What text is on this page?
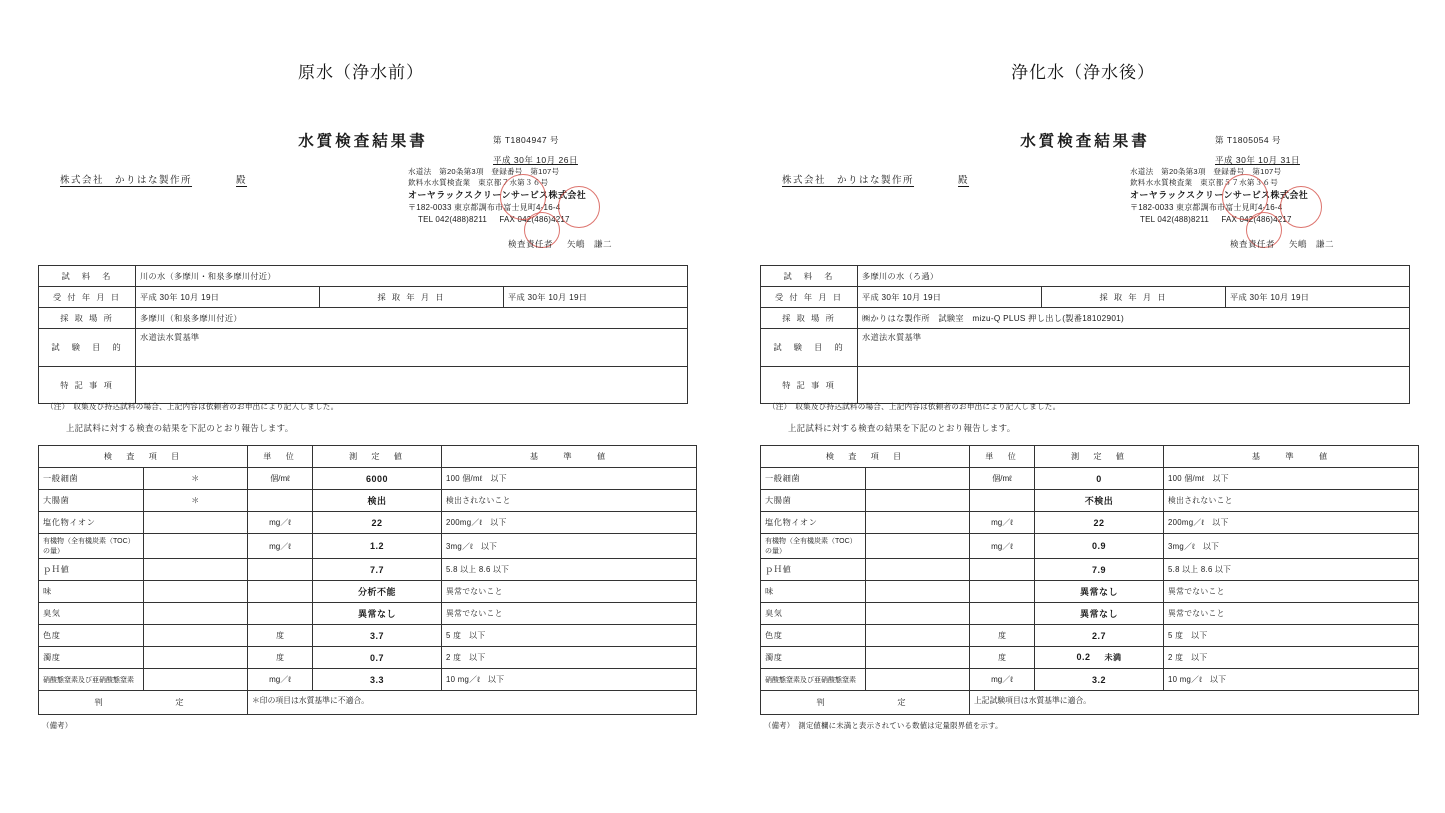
原水（浄水前）
水質検査結果書	第 T1804947 号
平成 30年 10月 26日
株式会社　かりはな製作所	殿
水道法　第20条第3項　登録番号　第107号
飲料水水質検査業　東京都７水第３６号
オーヤラックスクリーンサービス株式会社
〒182-0033 東京都調布市富士見町4-16-4
TEL 042(488)8211 FAX 042(486)4217
検査責任者 矢嶋　謙二
試　料　名	川の水（多摩川・和泉多摩川付近）		
受 付 年 月 日	平成 30年 10月 19日	採 取 年 月 日	平成 30年 10月 19日
採 取 場 所	多摩川（和泉多摩川付近）		
試　験　目　的	水道法水質基準		
特 記 事 項			
（注）　収集及び持込試料の場合、上記内容は依頼者のお申出により記入しました。
上記試料に対する検査の結果を下記のとおり報告します。
検　査　項　目		単　位	測　定　値	基　　準　　値
一般細菌	＊	個/mℓ	6000	100 個/mℓ　以下
大腸菌	＊		検出	検出されないこと
塩化物イオン		mg／ℓ	22	200mg／ℓ　以下
有機物（全有機炭素（TOC）の量）		mg／ℓ	1.2	3mg／ℓ　以下
ｐＨ値			7.7	5.8 以上 8.6 以下
味			分析不能	異常でないこと
臭気			異常なし	異常でないこと
色度		度	3.7	5 度　以下
濁度		度	0.7	2 度　以下
硝酸態窒素及び亜硝酸態窒素		mg／ℓ	3.3	10 mg／ℓ　以下
判　　　　定		＊印の項目は水質基準に不適合。		
（備考）
浄化水（浄水後）
水質検査結果書	第 T1805054 号
平成 30年 10月 31日
株式会社　かりはな製作所	殿
水道法　第20条第3項　登録番号　第107号
飲料水水質検査業　東京都５７水第３６号
オーヤラックスクリーンサービス株式会社
〒182-0033 東京都調布市富士見町4-16-4
TEL 042(488)8211 FAX 042(486)4217
検査責任者 矢嶋　謙二
試　料　名	多摩川の水（ろ過）		
受 付 年 月 日	平成 30年 10月 19日	採 取 年 月 日	平成 30年 10月 19日
採 取 場 所	㈱かりはな製作所　試験室　mizu-Q PLUS 押し出し(製番18102901)		
試　験　目　的	水道法水質基準		
特 記 事 項			
（注）　収集及び持込試料の場合、上記内容は依頼者のお申出により記入しました。
上記試料に対する検査の結果を下記のとおり報告します。
検　査　項　目		単　位	測　定　値	基　　準　　値
一般細菌		個/mℓ	0	100 個/mℓ　以下
大腸菌			不検出	検出されないこと
塩化物イオン		mg／ℓ	22	200mg／ℓ　以下
有機物（全有機炭素（TOC）の量）		mg／ℓ	0.9	3mg／ℓ　以下
ｐＨ値			7.9	5.8 以上 8.6 以下
味			異常なし	異常でないこと
臭気			異常なし	異常でないこと
色度		度	2.7	5 度　以下
濁度		度	0.2 未満	2 度　以下
硝酸態窒素及び亜硝酸態窒素		mg／ℓ	3.2	10 mg／ℓ　以下
判　　　　定		上記試験項目は水質基準に適合。		
（備考）　測定値欄に未満と表示されている数値は定量限界値を示す。
